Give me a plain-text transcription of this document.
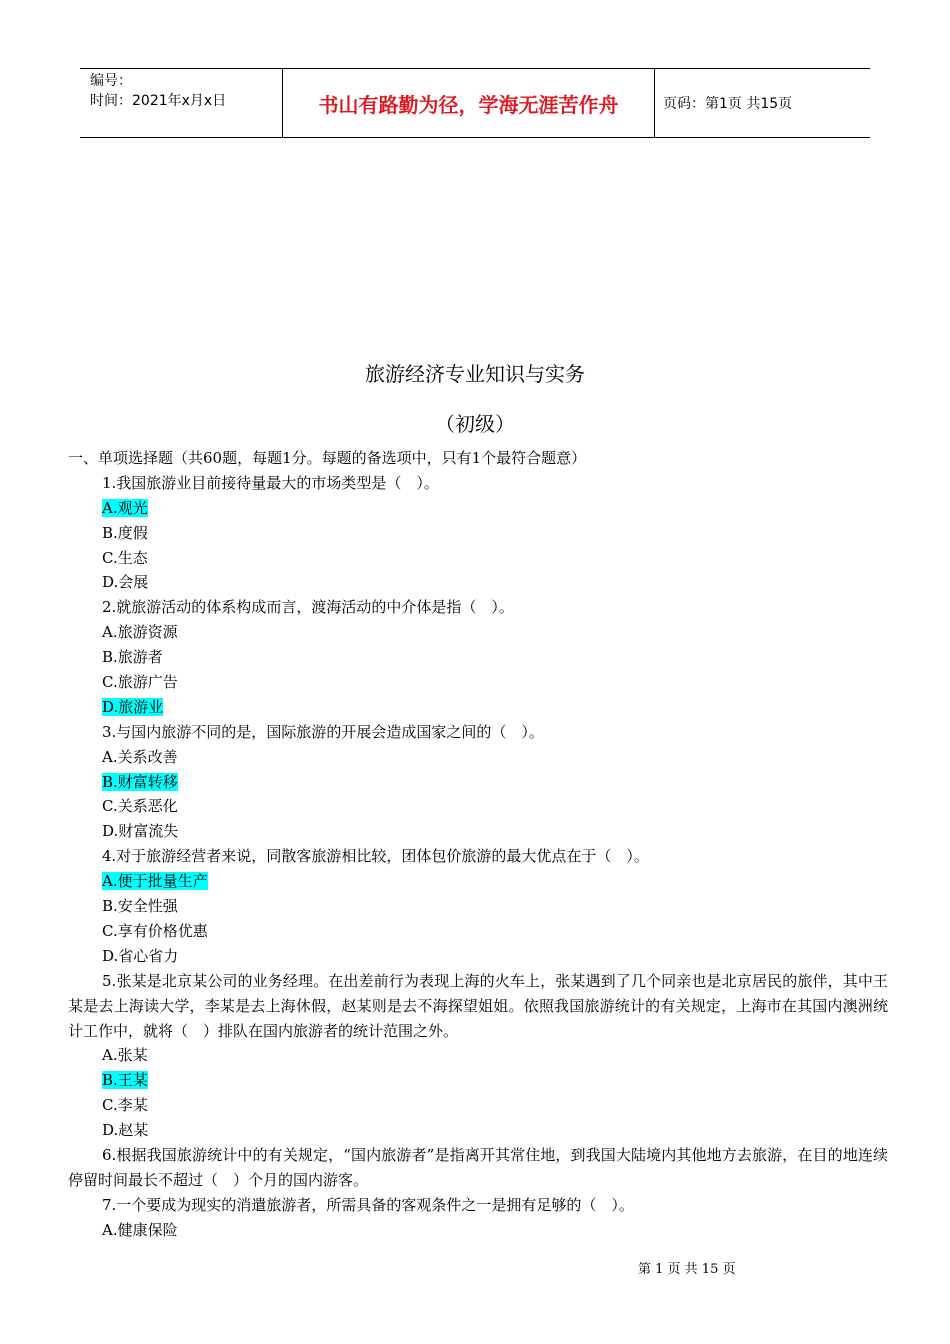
编号：
时间：2021年x月x日	书山有路勤为径，学海无涯苦作舟	页码：第1页 共15页
旅游经济专业知识与实务
（初级）
一、单项选择题（共60题，每题1分。每题的备选项中，只有1个最符合题意）
1.我国旅游业目前接待量最大的市场类型是（　）。
A.观光
B.度假
C.生态
D.会展
2.就旅游活动的体系构成而言，渡海活动的中介体是指（　）。
A.旅游资源
B.旅游者
C.旅游广告
D.旅游业
3.与国内旅游不同的是，国际旅游的开展会造成国家之间的（　）。
A.关系改善
B.财富转移
C.关系恶化
D.财富流失
4.对于旅游经营者来说，同散客旅游相比较，团体包价旅游的最大优点在于（　）。
A.便于批量生产
B.安全性强
C.享有价格优惠
D.省心省力
5.张某是北京某公司的业务经理。在出差前行为表现上海的火车上，张某遇到了几个同亲也是北京居民的旅伴，其中王某是去上海读大学，李某是去上海休假，赵某则是去不海探望姐姐。依照我国旅游统计的有关规定，上海市在其国内澳洲统计工作中，就将（　）排队在国内旅游者的统计范围之外。
A.张某
B.王某
C.李某
D.赵某
6.根据我国旅游统计中的有关规定，“国内旅游者”是指离开其常住地，到我国大陆境内其他地方去旅游，在目的地连续停留时间最长不超过（　）个月的国内游客。
7.一个要成为现实的消遣旅游者，所需具备的客观条件之一是拥有足够的（　）。
A.健康保险
第 1 页 共 15 页
